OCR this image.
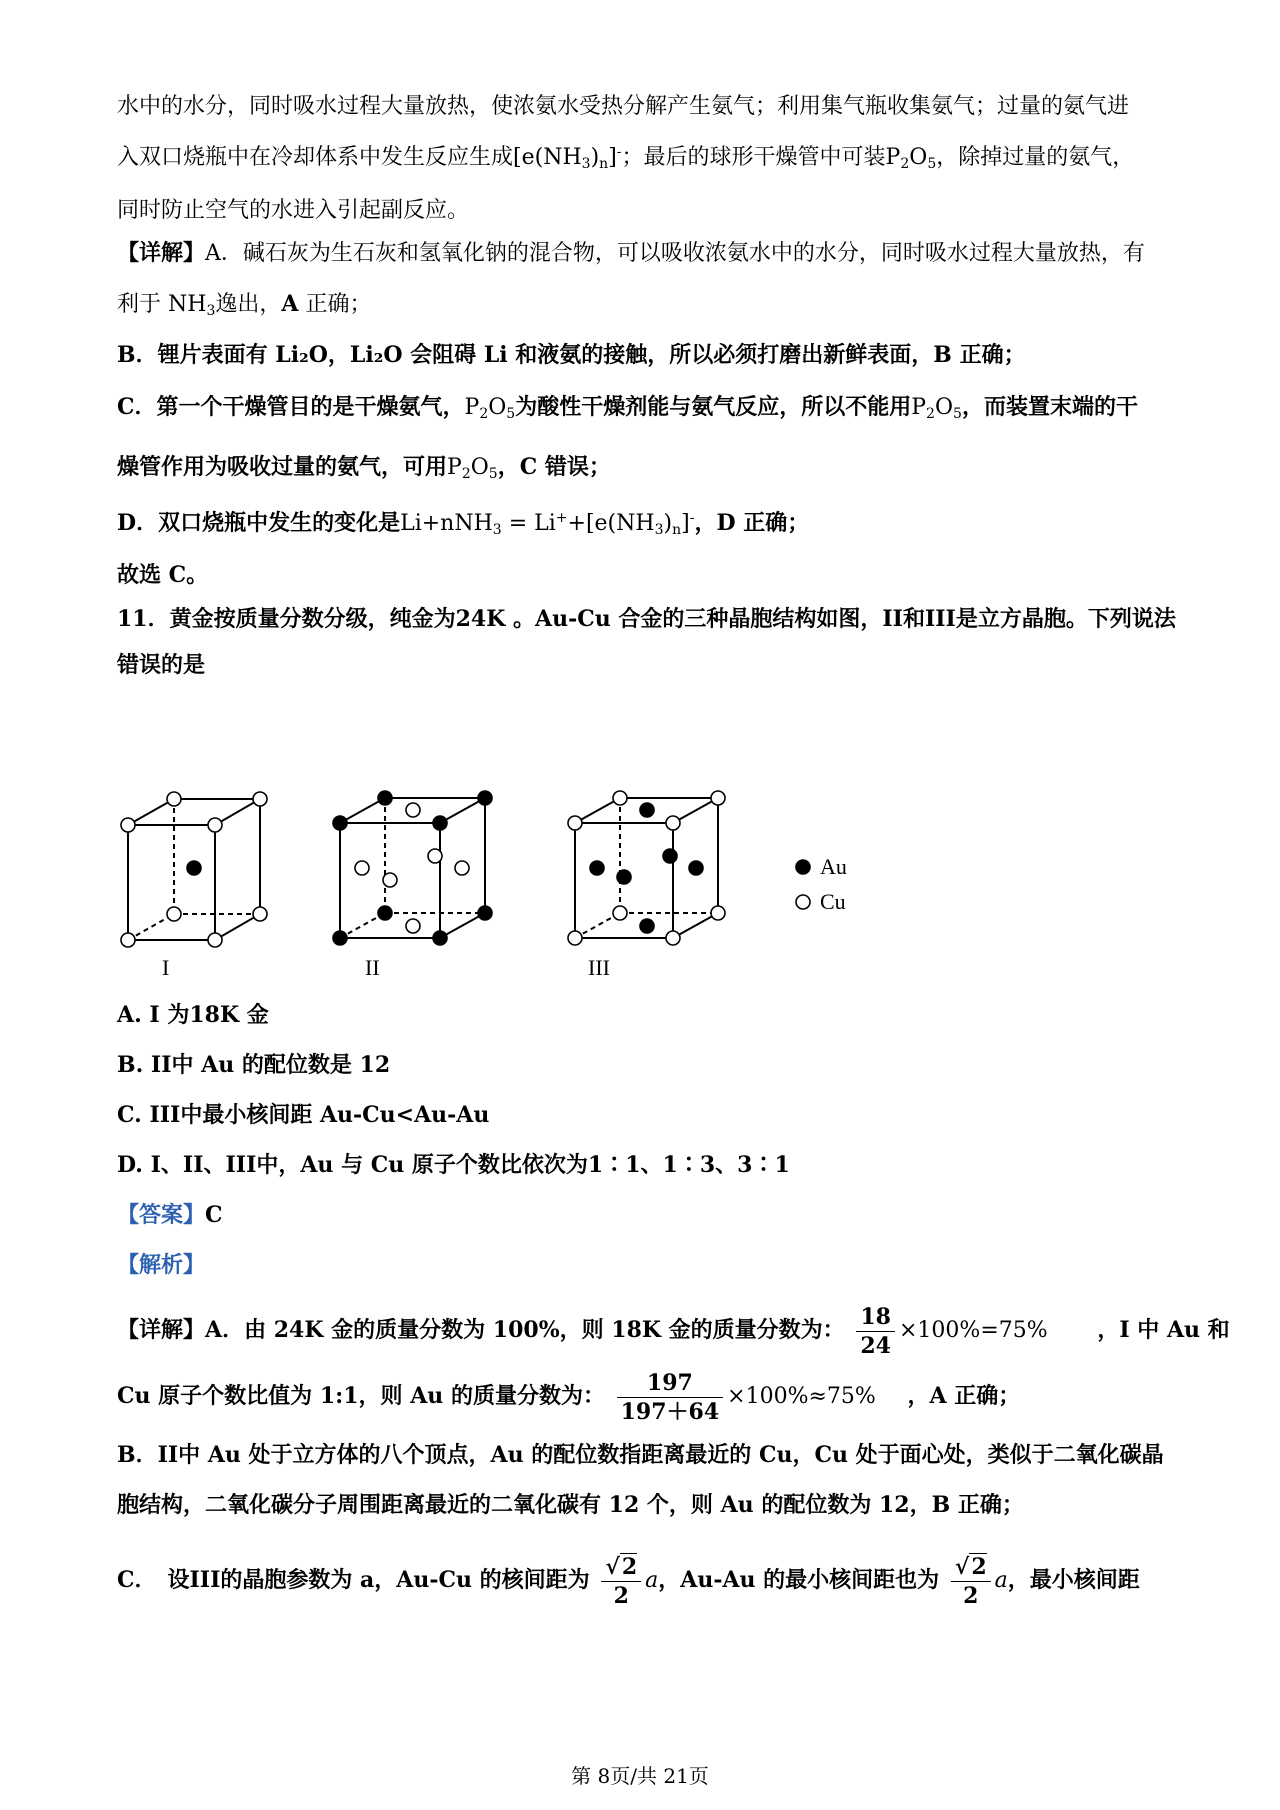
水中的水分，同时吸水过程大量放热，使浓氨水受热分解产生氨气；利用集气瓶收集氨气；过量的氨气进
入双口烧瓶中在冷却体系中发生反应生成$[e(NH_3)_n]^-$；最后的球形干燥管中可装$P_2O_5$，除掉过量的氨气，
同时防止空气的水进入引起副反应。
【详解】A．碱石灰为生石灰和氢氧化钠的混合物，可以吸收浓氨水中的水分，同时吸水过程大量放热，有
利于 $NH_3$逸出，A 正确；
B．锂片表面有 Li₂O，Li₂O 会阻碍 Li 和液氨的接触，所以必须打磨出新鲜表面，B 正确；
C．第一个干燥管目的是干燥氨气，$P_2O_5$为酸性干燥剂能与氨气反应，所以不能用$P_2O_5$，而装置末端的干
燥管作用为吸收过量的氨气，可用$P_2O_5$，C 错误；
D．双口烧瓶中发生的变化是$Li+nNH_3 = Li^++[e(NH_3)_n]^-$，D 正确；
故选 C。
11．黄金按质量分数分级，纯金为24K 。Au-Cu 合金的三种晶胞结构如图，II和III是立方晶胞。下列说法
错误的是
I	II	III
Au
Cu
A. I 为18K 金
B. II中 Au 的配位数是 12
C. III中最小核间距 Au-Cu<Au-Au
D. I、II、III中，Au 与 Cu 原子个数比依次为1∶1、1∶3、3∶1
【答案】C
【解析】
【详解】A．由 24K 金的质量分数为 100%，则 18K 金的质量分数为： $\frac{18}{24} \times 100\%=75\%$ ，I 中 Au 和
Cu 原子个数比值为 1:1，则 Au 的质量分数为： $\frac{197}{197+64} \times 100\%\approx 75\%$ ，A 正确；
B．II中 Au 处于立方体的八个顶点，Au 的配位数指距离最近的 Cu，Cu 处于面心处，类似于二氧化碳晶
胞结构，二氧化碳分子周围距离最近的二氧化碳有 12 个，则 Au 的配位数为 12，B 正确；
C．　设III的晶胞参数为 a，Au-Cu 的核间距为 $\frac{√2}{2}$ a，Au-Au 的最小核间距也为 $\frac{√2}{2}$ a，最小核间距
第 8页/共 21页
